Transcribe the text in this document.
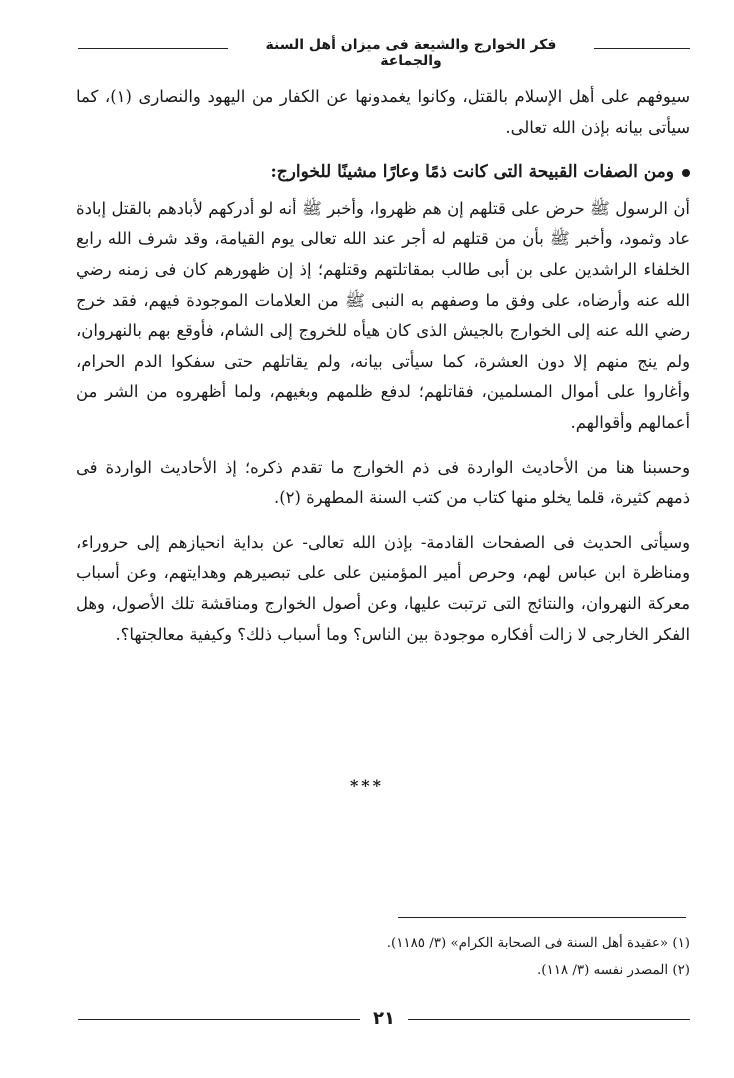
فكر الخوارج والشيعة فى ميزان أهل السنة والجماعة

سيوفهم على أهل الإسلام بالقتل، وكانوا يغمدونها عن الكفار من اليهود والنصارى (١)، كما سيأتى بيانه بإذن الله تعالى.

ومن الصفات القبيحة التى كانت ذمًا وعارًا مشينًا للخوارج:

أن الرسول ﷺ حرض على قتلهم إن هم ظهروا، وأخبر ﷺ أنه لو أدركهم لأبادهم بالقتل إبادة عاد وثمود، وأخبر ﷺ بأن من قتلهم له أجر عند الله تعالى يوم القيامة، وقد شرف الله رابع الخلفاء الراشدين على بن أبى طالب بمقاتلتهم وقتلهم؛ إذ إن ظهورهم كان فى زمنه رضي الله عنه وأرضاه، على وفق ما وصفهم به النبى ﷺ من العلامات الموجودة فيهم، فقد خرج رضي الله عنه إلى الخوارج بالجيش الذى كان هيأه للخروج إلى الشام، فأوقع بهم بالنهروان، ولم ينج منهم إلا دون العشرة، كما سيأتى بيانه، ولم يقاتلهم حتى سفكوا الدم الحرام، وأغاروا على أموال المسلمين، فقاتلهم؛ لدفع ظلمهم وبغيهم، ولما أظهروه من الشر من أعمالهم وأقوالهم.

وحسبنا هنا من الأحاديث الواردة فى ذم الخوارج ما تقدم ذكره؛ إذ الأحاديث الواردة فى ذمهم كثيرة، قلما يخلو منها كتاب من كتب السنة المطهرة (٢).

وسيأتى الحديث فى الصفحات القادمة- بإذن الله تعالى- عن بداية انحيازهم إلى حروراء، ومناظرة ابن عباس لهم، وحرص أمير المؤمنين على على تبصيرهم وهدايتهم، وعن أسباب معركة النهروان، والنتائج التى ترتبت عليها، وعن أصول الخوارج ومناقشة تلك الأصول، وهل الفكر الخارجى لا زالت أفكاره موجودة بين الناس؟ وما أسباب ذلك؟ وكيفية معالجتها؟.

***
(١) «عقيدة أهل السنة فى الصحابة الكرام» (٣/ ١١٨٥).
(٢) المصدر نفسه (٣/ ١١٨).
٢١
